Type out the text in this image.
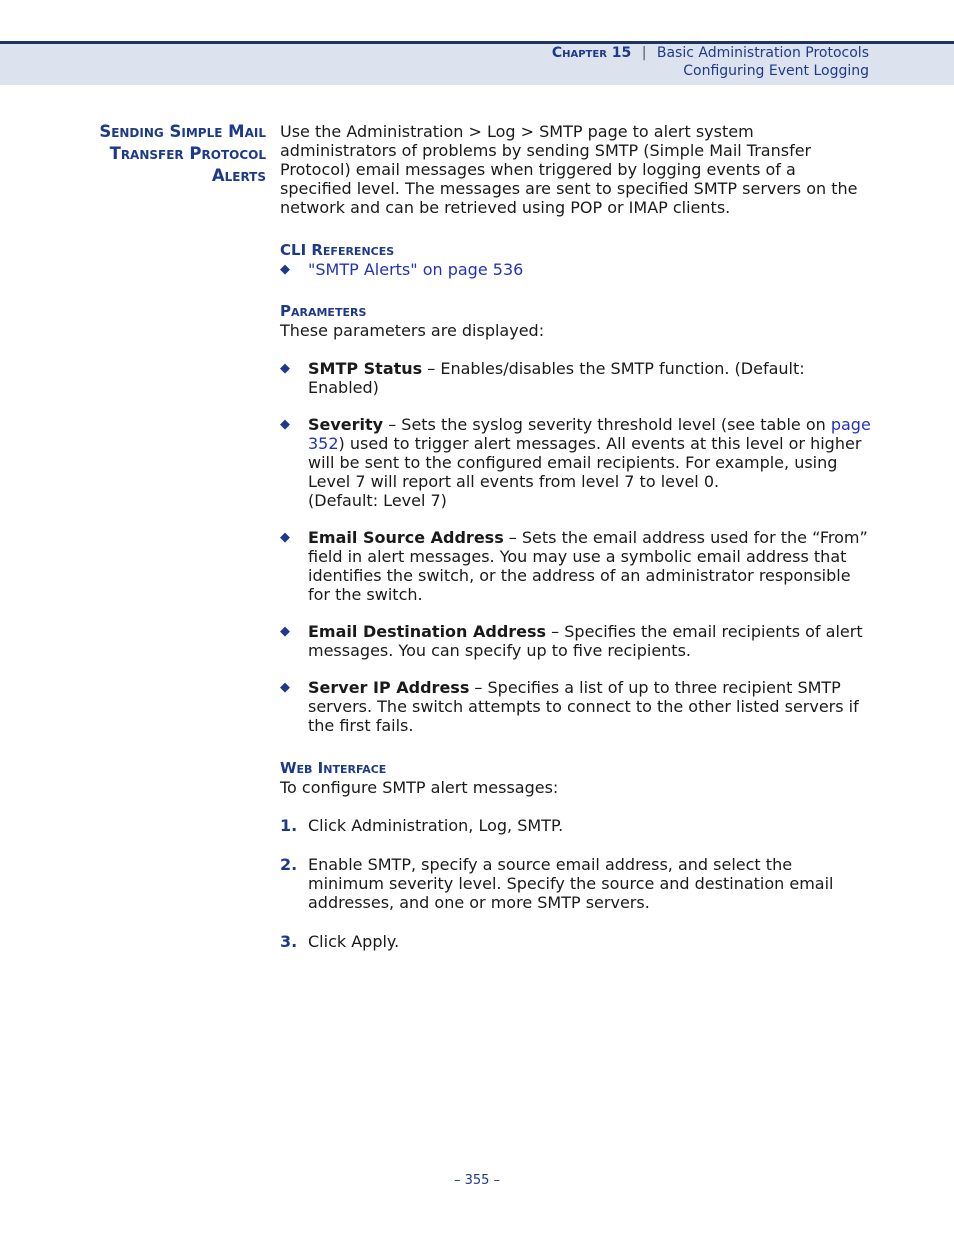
Chapter 15 | Basic Administration Protocols
Configuring Event Logging
Sending Simple Mail
Transfer Protocol
Alerts

Use the Administration > Log > SMTP page to alert system administrators of problems by sending SMTP (Simple Mail Transfer Protocol) email messages when triggered by logging events of a specified level. The messages are sent to specified SMTP servers on the network and can be retrieved using POP or IMAP clients.

CLI References

◆ "SMTP Alerts" on page 536

Parameters

These parameters are displayed:

◆ SMTP Status – Enables/disables the SMTP function. (Default: Enabled)

◆ Severity – Sets the syslog severity threshold level (see table on page 352) used to trigger alert messages. All events at this level or higher will be sent to the configured email recipients. For example, using Level 7 will report all events from level 7 to level 0.
(Default: Level 7)

◆ Email Source Address – Sets the email address used for the “From” field in alert messages. You may use a symbolic email address that identifies the switch, or the address of an administrator responsible for the switch.

◆ Email Destination Address – Specifies the email recipients of alert messages. You can specify up to five recipients.

◆ Server IP Address – Specifies a list of up to three recipient SMTP servers. The switch attempts to connect to the other listed servers if the first fails.

Web Interface

To configure SMTP alert messages:

1. Click Administration, Log, SMTP.

2. Enable SMTP, specify a source email address, and select the minimum severity level. Specify the source and destination email addresses, and one or more SMTP servers.

3. Click Apply.

– 355 –
